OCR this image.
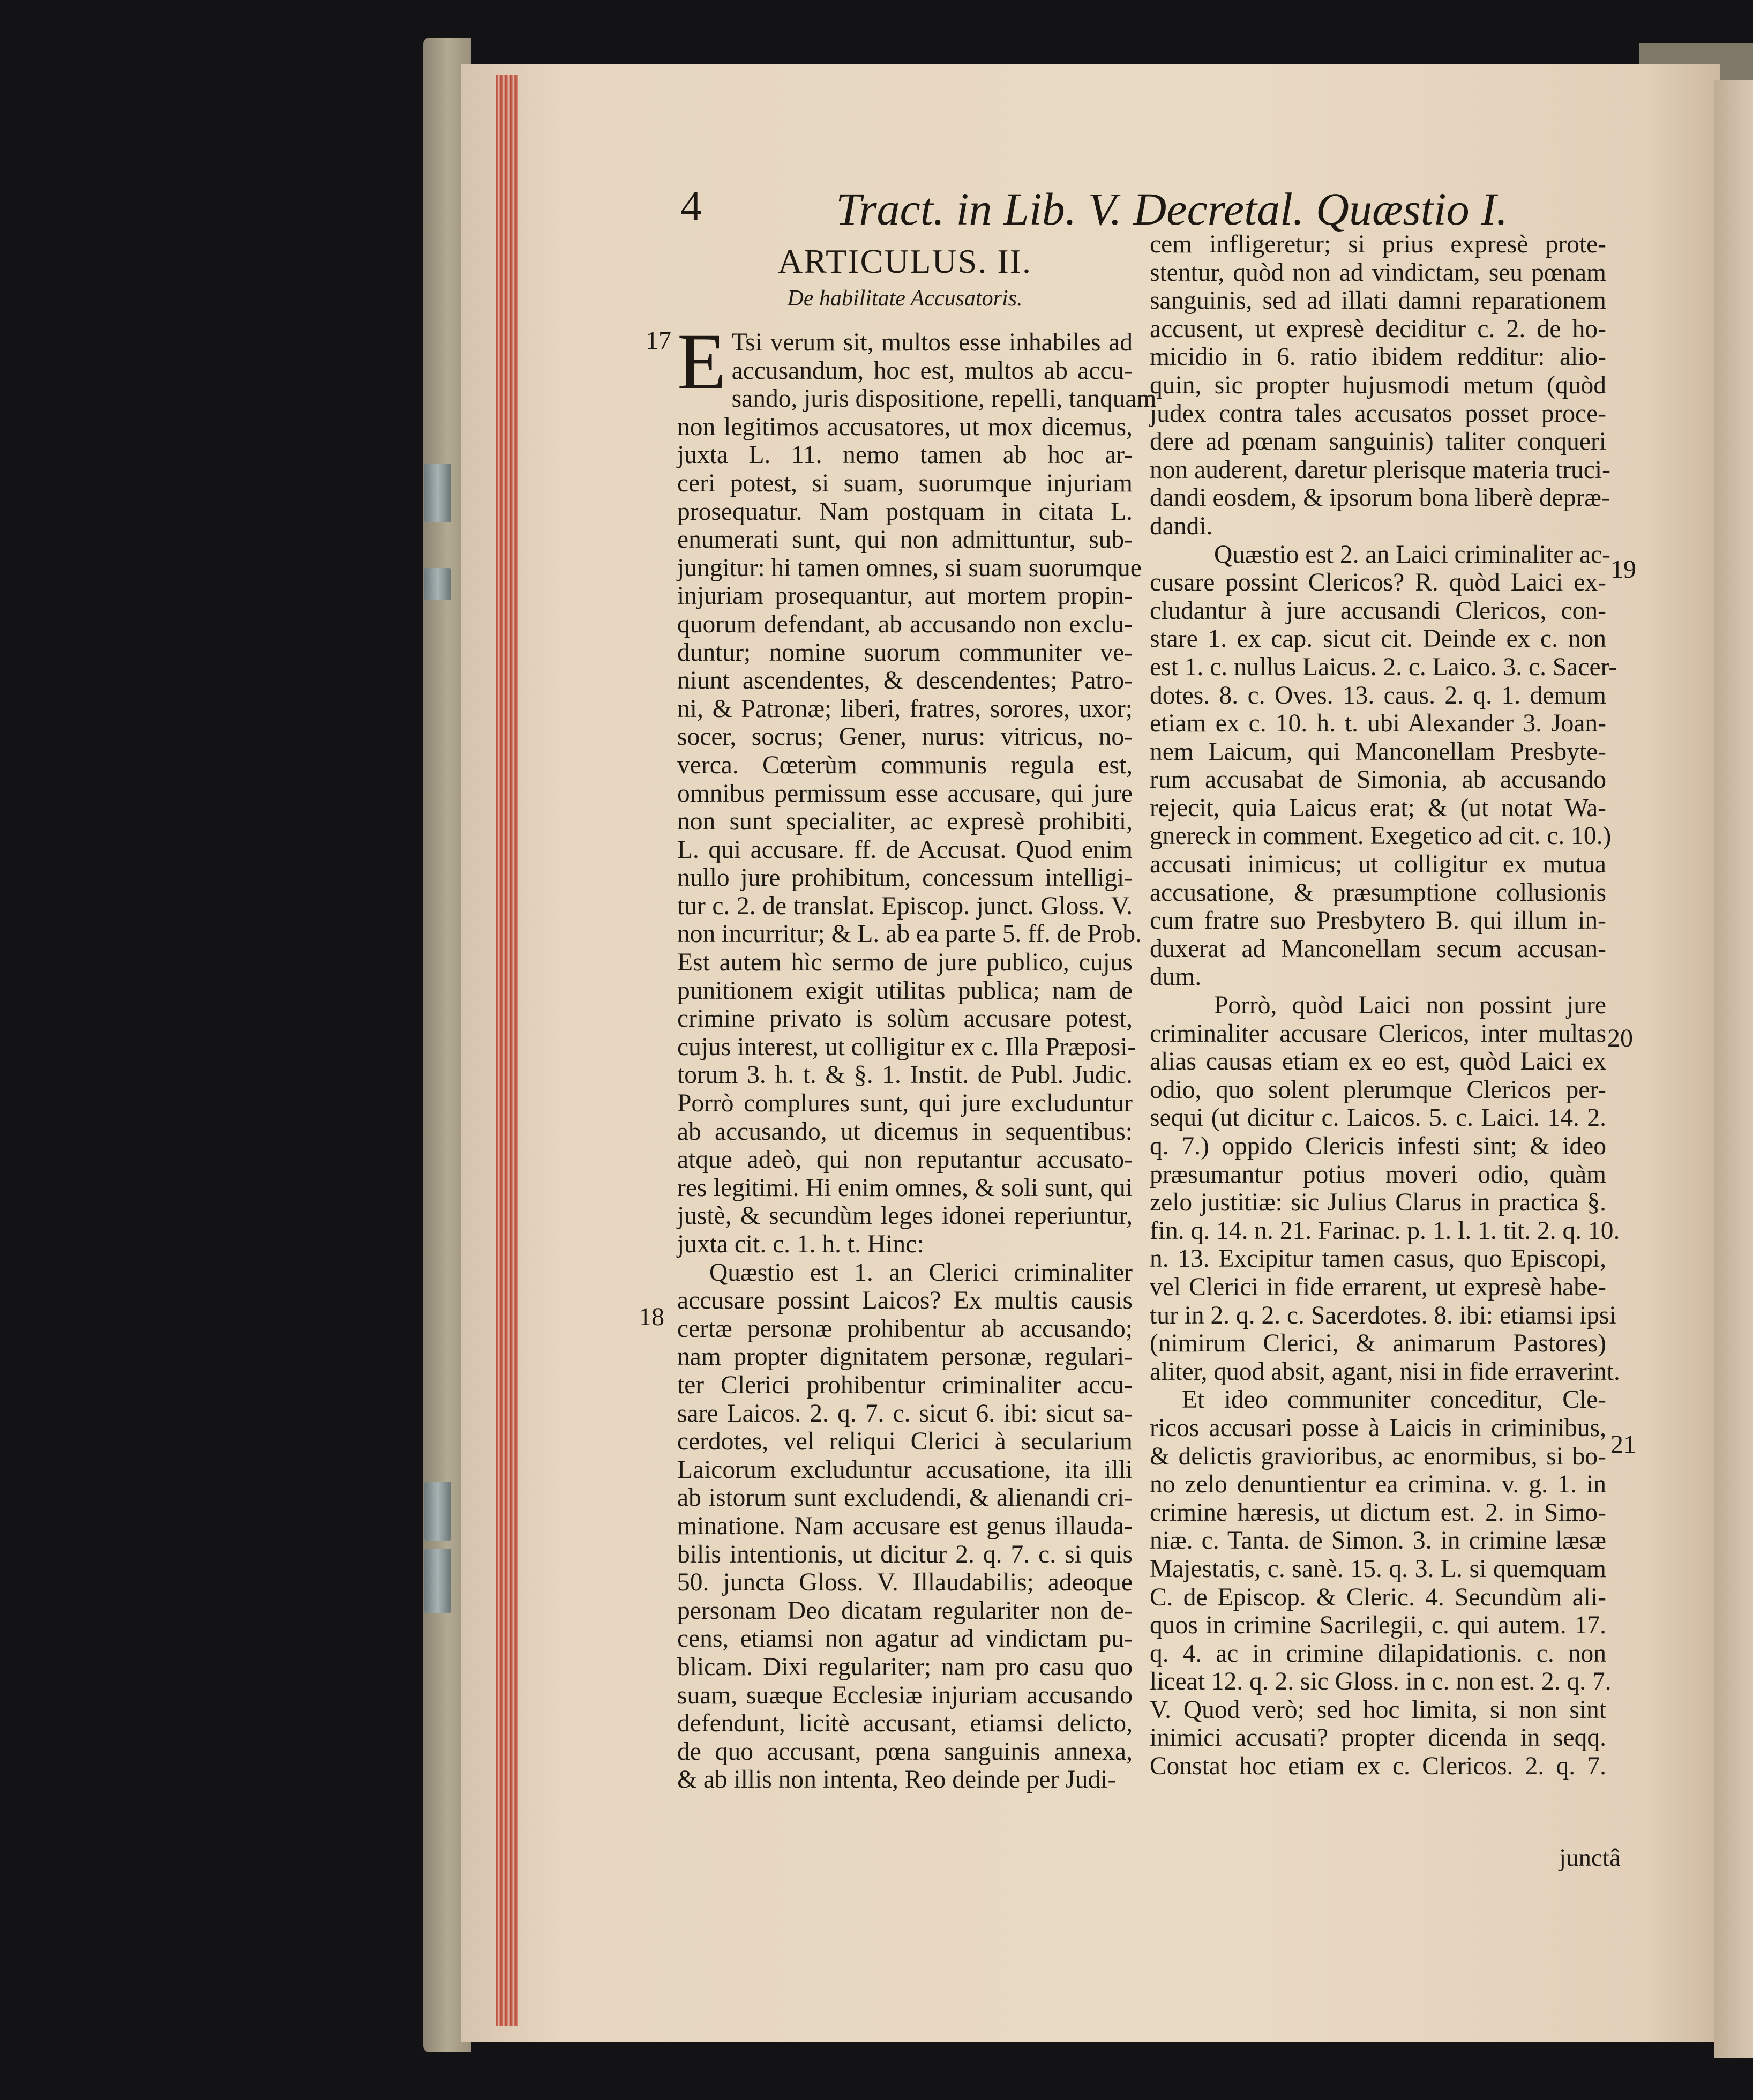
4	Tract. in Lib. V. Decretal. Quæstio I.
17
18
19
20
21
ARTICULUS. II.
De habilitate Accusatoris.
E Tsi verum sit, multos esse inhabiles ad
accusandum, hoc est, multos ab accu-
sando, juris dispositione, repelli, tanquam
non legitimos accusatores, ut mox dicemus,
juxta L. 11. nemo tamen ab hoc ar-
ceri potest, si suam, suorumque injuriam
prosequatur. Nam postquam in citata L.
enumerati sunt, qui non admittuntur, sub-
jungitur: hi tamen omnes, si suam suorumque
injuriam prosequantur, aut mortem propin-
quorum defendant, ab accusando non exclu-
duntur; nomine suorum communiter ve-
niunt ascendentes, & descendentes; Patro-
ni, & Patronæ; liberi, fratres, sorores, uxor;
socer, socrus; Gener, nurus: vitricus, no-
verca. Cœterùm communis regula est,
omnibus permissum esse accusare, qui jure
non sunt specialiter, ac expresè prohibiti,
L. qui accusare. ff. de Accusat. Quod enim
nullo jure prohibitum, concessum intelligi-
tur c. 2. de translat. Episcop. junct. Gloss. V.
non incurritur; & L. ab ea parte 5. ff. de Prob.
Est autem hìc sermo de jure publico, cujus
punitionem exigit utilitas publica; nam de
crimine privato is solùm accusare potest,
cujus interest, ut colligitur ex c. Illa Præposi-
torum 3. h. t. & §. 1. Instit. de Publ. Judic.
Porrò complures sunt, qui jure excluduntur
ab accusando, ut dicemus in sequentibus:
atque adeò, qui non reputantur accusato-
res legitimi. Hi enim omnes, & soli sunt, qui
justè, & secundùm leges idonei reperiuntur,
juxta cit. c. 1. h. t. Hinc:
Quæstio est 1. an Clerici criminaliter
accusare possint Laicos? Ex multis causis
certæ personæ prohibentur ab accusando;
nam propter dignitatem personæ, regulari-
ter Clerici prohibentur criminaliter accu-
sare Laicos. 2. q. 7. c. sicut 6. ibi: sicut sa-
cerdotes, vel reliqui Clerici à secularium
Laicorum excluduntur accusatione, ita illi
ab istorum sunt excludendi, & alienandi cri-
minatione. Nam accusare est genus illauda-
bilis intentionis, ut dicitur 2. q. 7. c. si quis
50. juncta Gloss. V. Illaudabilis; adeoque
personam Deo dicatam regulariter non de-
cens, etiamsi non agatur ad vindictam pu-
blicam. Dixi regulariter; nam pro casu quo
suam, suæque Ecclesiæ injuriam accusando
defendunt, licitè accusant, etiamsi delicto,
de quo accusant, pœna sanguinis annexa,
& ab illis non intenta, Reo deinde per Judi-
cem infligeretur; si prius expresè prote-
stentur, quòd non ad vindictam, seu pœnam
sanguinis, sed ad illati damni reparationem
accusent, ut expresè deciditur c. 2. de ho-
micidio in 6. ratio ibidem redditur: alio-
quin, sic propter hujusmodi metum (quòd
judex contra tales accusatos posset proce-
dere ad pœnam sanguinis) taliter conqueri
non auderent, daretur plerisque materia truci-
dandi eosdem, & ipsorum bona liberè depræ-
dandi.
Quæstio est 2. an Laici criminaliter ac-
cusare possint Clericos? R. quòd Laici ex-
cludantur à jure accusandi Clericos, con-
stare 1. ex cap. sicut cit. Deinde ex c. non
est 1. c. nullus Laicus. 2. c. Laico. 3. c. Sacer-
dotes. 8. c. Oves. 13. caus. 2. q. 1. demum
etiam ex c. 10. h. t. ubi Alexander 3. Joan-
nem Laicum, qui Manconellam Presbyte-
rum accusabat de Simonia, ab accusando
rejecit, quia Laicus erat; & (ut notat Wa-
gnereck in comment. Exegetico ad cit. c. 10.)
accusati inimicus; ut colligitur ex mutua
accusatione, & præsumptione collusionis
cum fratre suo Presbytero B. qui illum in-
duxerat ad Manconellam secum accusan-
dum.
Porrò, quòd Laici non possint jure
criminaliter accusare Clericos, inter multas
alias causas etiam ex eo est, quòd Laici ex
odio, quo solent plerumque Clericos per-
sequi (ut dicitur c. Laicos. 5. c. Laici. 14. 2.
q. 7.) oppido Clericis infesti sint; & ideo
præsumantur potius moveri odio, quàm
zelo justitiæ: sic Julius Clarus in practica §.
fin. q. 14. n. 21. Farinac. p. 1. l. 1. tit. 2. q. 10.
n. 13. Excipitur tamen casus, quo Episcopi,
vel Clerici in fide errarent, ut expresè habe-
tur in 2. q. 2. c. Sacerdotes. 8. ibi: etiamsi ipsi
(nimirum Clerici, & animarum Pastores)
aliter, quod absit, agant, nisi in fide erraverint.
Et ideo communiter conceditur, Cle-
ricos accusari posse à Laicis in criminibus,
& delictis gravioribus, ac enormibus, si bo-
no zelo denuntientur ea crimina. v. g. 1. in
crimine hæresis, ut dictum est. 2. in Simo-
niæ. c. Tanta. de Simon. 3. in crimine læsæ
Majestatis, c. sanè. 15. q. 3. L. si quemquam
C. de Episcop. & Cleric. 4. Secundùm ali-
quos in crimine Sacrilegii, c. qui autem. 17.
q. 4. ac in crimine dilapidationis. c. non
liceat 12. q. 2. sic Gloss. in c. non est. 2. q. 7.
V. Quod verò; sed hoc limita, si non sint
inimici accusati? propter dicenda in seqq.
Constat hoc etiam ex c. Clericos. 2. q. 7.
junctâ
